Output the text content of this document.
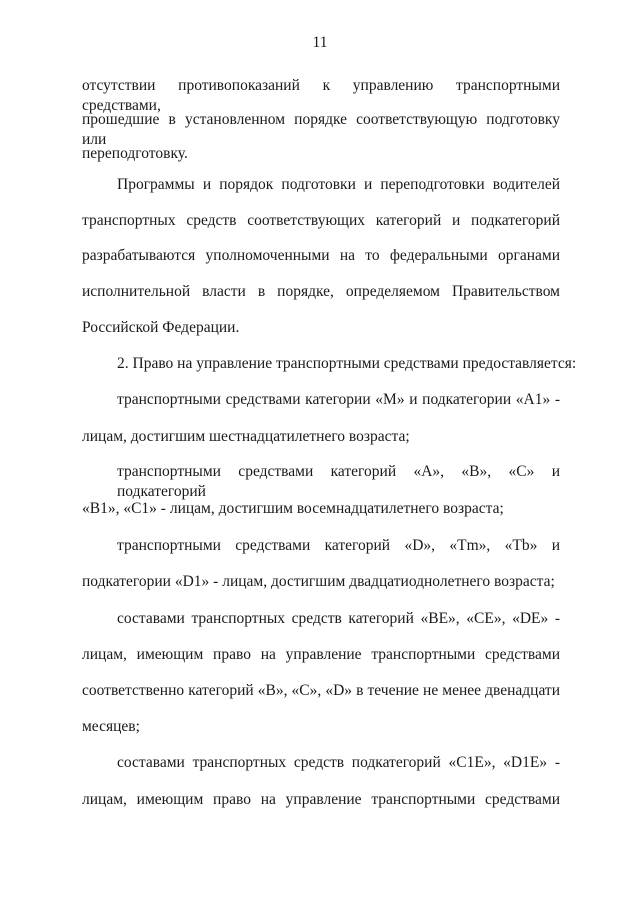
11
отсутствии противопоказаний к управлению транспортными средствами,
прошедшие в установленном порядке соответствующую подготовку или
переподготовку.
Программы и порядок подготовки и переподготовки водителей
транспортных средств соответствующих категорий и подкатегорий
разрабатываются уполномоченными на то федеральными органами
исполнительной власти в порядке, определяемом Правительством
Российской Федерации.
2. Право на управление транспортными средствами предоставляется:
транспортными средствами категории «М» и подкатегории «A1» -
лицам, достигшим шестнадцатилетнего возраста;
транспортными средствами категорий «А», «В», «С» и подкатегорий
«B1», «C1» - лицам, достигшим восемнадцатилетнего возраста;
транспортными средствами категорий «D», «Tm», «Tb» и
подкатегории «D1» - лицам, достигшим двадцатиоднолетнего возраста;
составами транспортных средств категорий «BE», «CE», «DE» -
лицам, имеющим право на управление транспортными средствами
соответственно категорий «B», «C», «D» в течение не менее двенадцати
месяцев;
составами транспортных средств подкатегорий «C1E», «D1E» -
лицам, имеющим право на управление транспортными средствами
